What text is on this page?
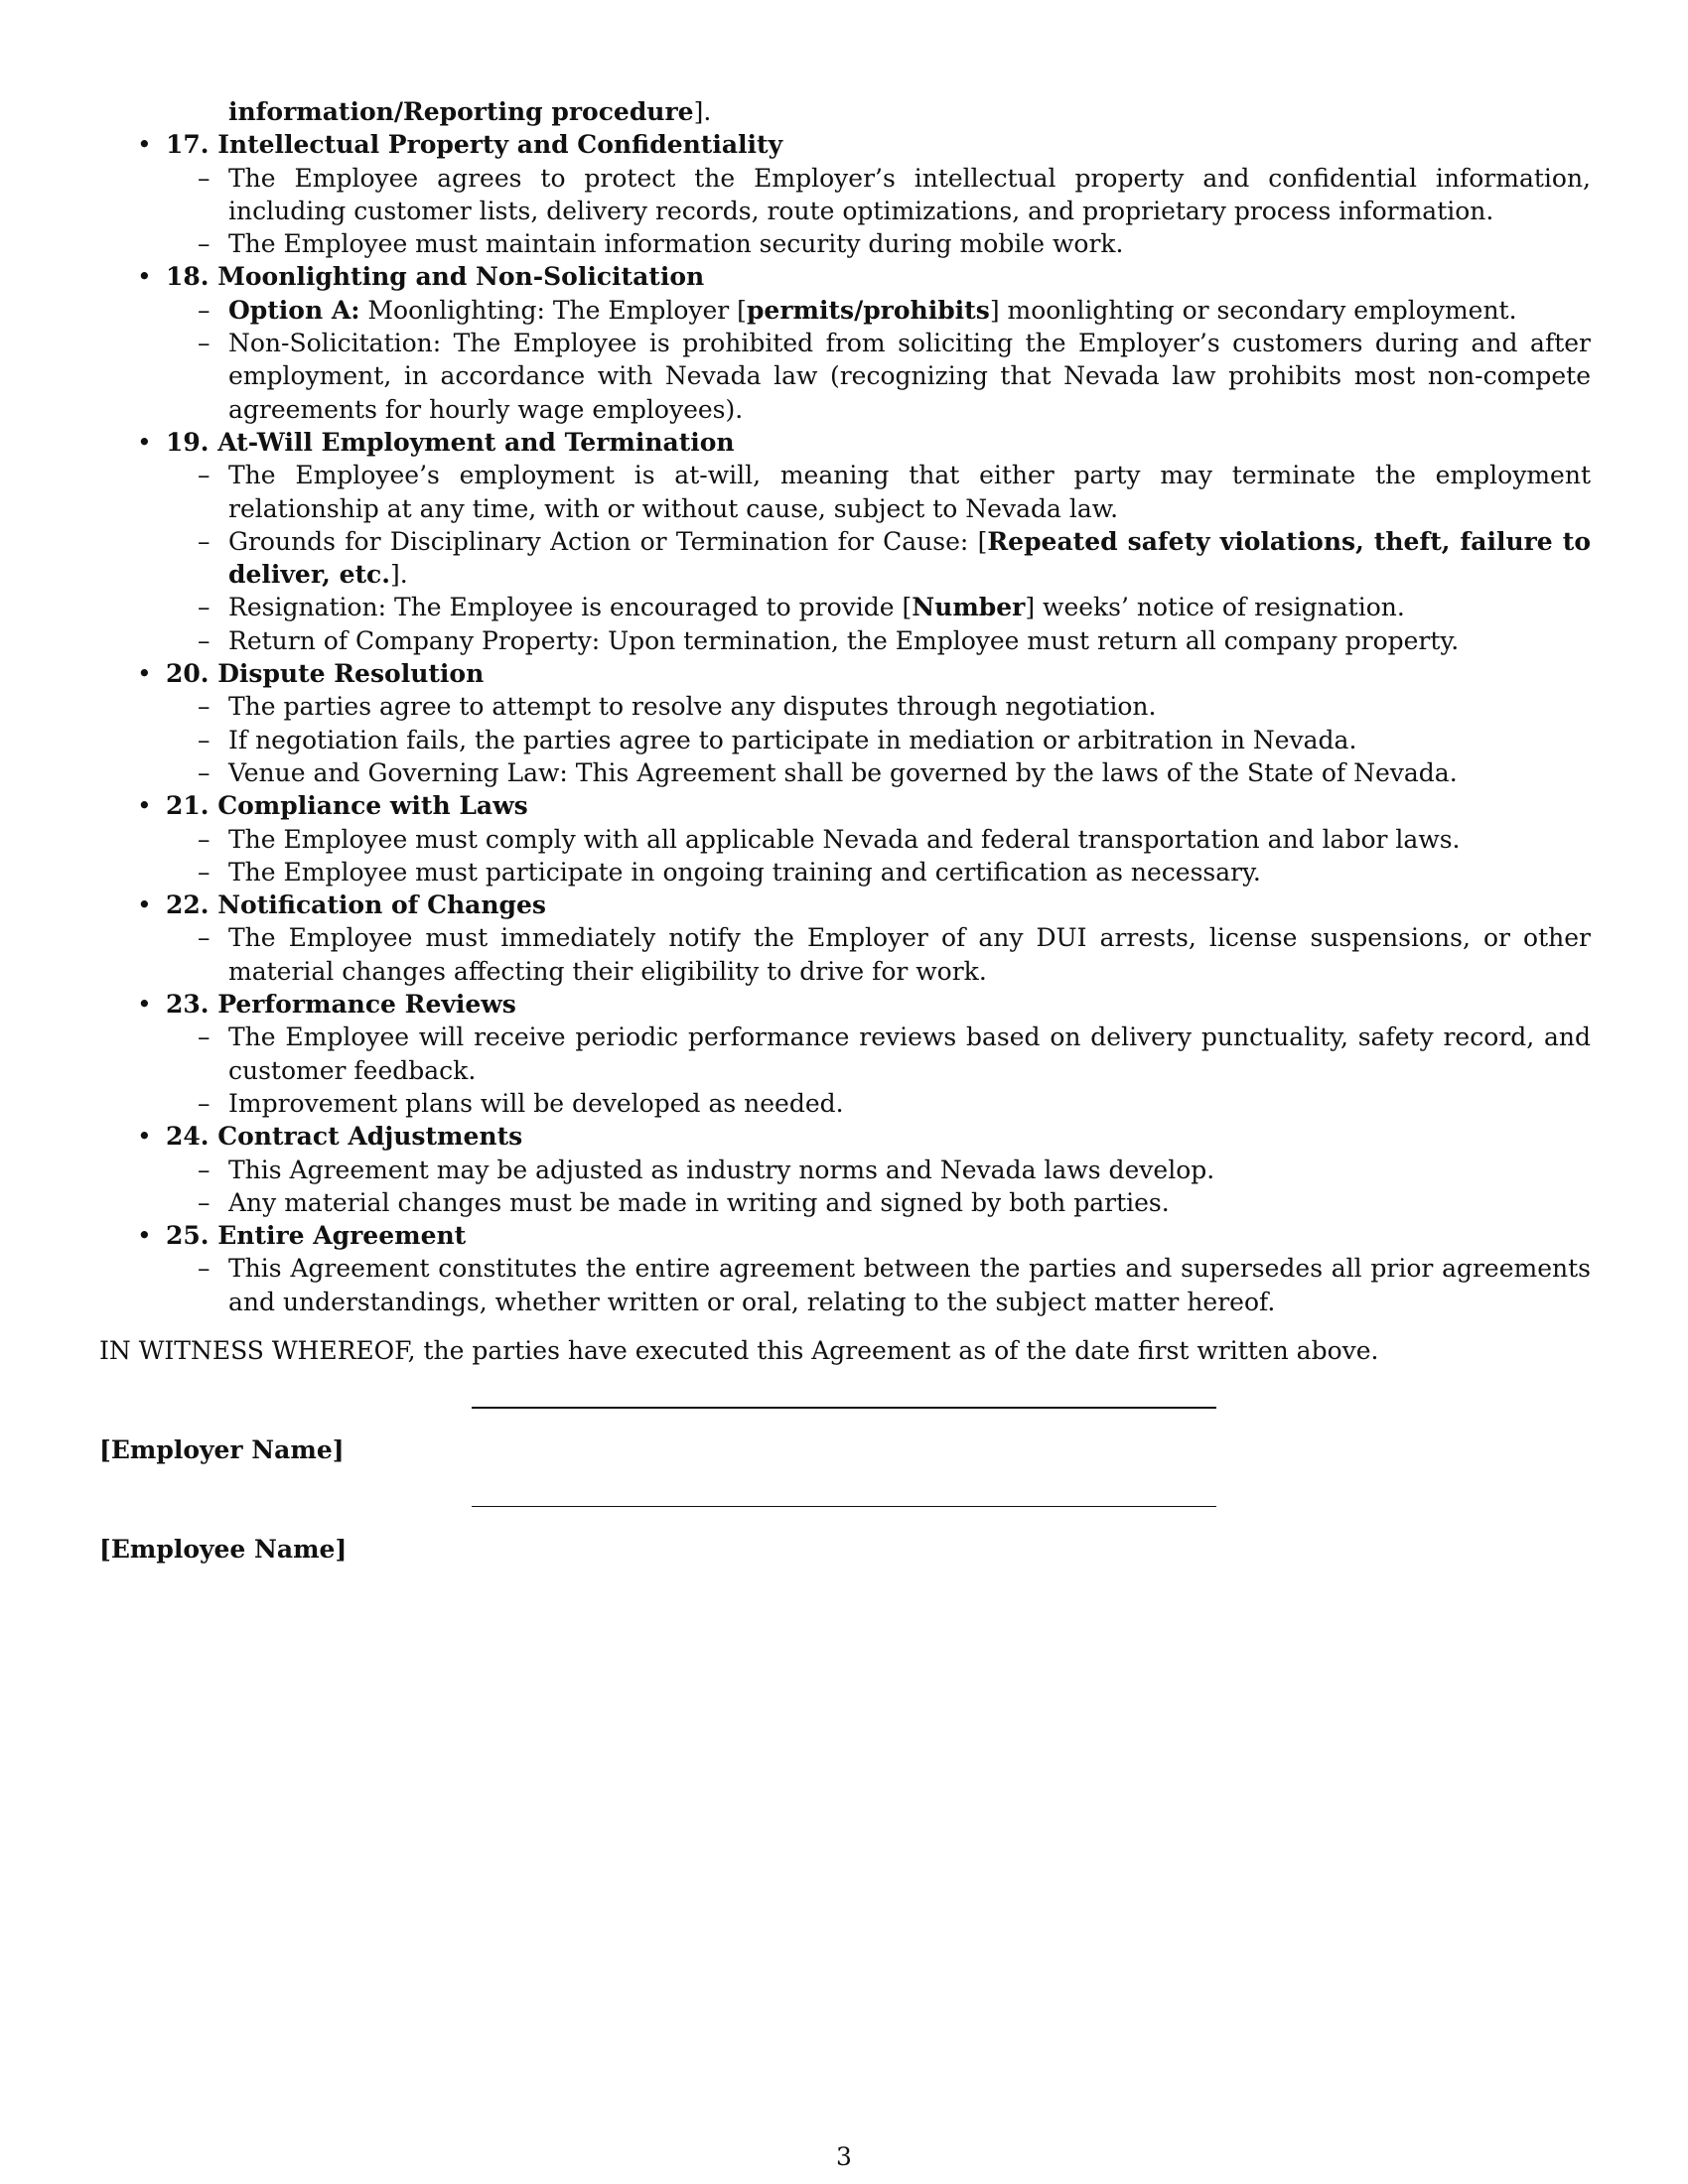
information/Reporting procedure].
• 17. Intellectual Property and Confidentiality
– The Employee agrees to protect the Employer’s intellectual property and confidential information, including customer lists, delivery records, route optimizations, and proprietary process information.
– The Employee must maintain information security during mobile work.
• 18. Moonlighting and Non-Solicitation
– Option A: Moonlighting: The Employer [permits/prohibits] moonlighting or secondary employment.
– Non-Solicitation: The Employee is prohibited from soliciting the Employer’s customers during and after employment, in accordance with Nevada law (recognizing that Nevada law prohibits most non-compete agreements for hourly wage employees).
• 19. At-Will Employment and Termination
– The Employee’s employment is at-will, meaning that either party may terminate the employment relationship at any time, with or without cause, subject to Nevada law.
– Grounds for Disciplinary Action or Termination for Cause: [Repeated safety violations, theft, failure to deliver, etc.].
– Resignation: The Employee is encouraged to provide [Number] weeks’ notice of resignation.
– Return of Company Property: Upon termination, the Employee must return all company property.
• 20. Dispute Resolution
– The parties agree to attempt to resolve any disputes through negotiation.
– If negotiation fails, the parties agree to participate in mediation or arbitration in Nevada.
– Venue and Governing Law: This Agreement shall be governed by the laws of the State of Nevada.
• 21. Compliance with Laws
– The Employee must comply with all applicable Nevada and federal transportation and labor laws.
– The Employee must participate in ongoing training and certification as necessary.
• 22. Notification of Changes
– The Employee must immediately notify the Employer of any DUI arrests, license suspensions, or other material changes affecting their eligibility to drive for work.
• 23. Performance Reviews
– The Employee will receive periodic performance reviews based on delivery punctuality, safety record, and customer feedback.
– Improvement plans will be developed as needed.
• 24. Contract Adjustments
– This Agreement may be adjusted as industry norms and Nevada laws develop.
– Any material changes must be made in writing and signed by both parties.
• 25. Entire Agreement
– This Agreement constitutes the entire agreement between the parties and supersedes all prior agreements and understandings, whether written or oral, relating to the subject matter hereof.
IN WITNESS WHEREOF, the parties have executed this Agreement as of the date first written above.
[Employer Name]
[Employee Name]
3
